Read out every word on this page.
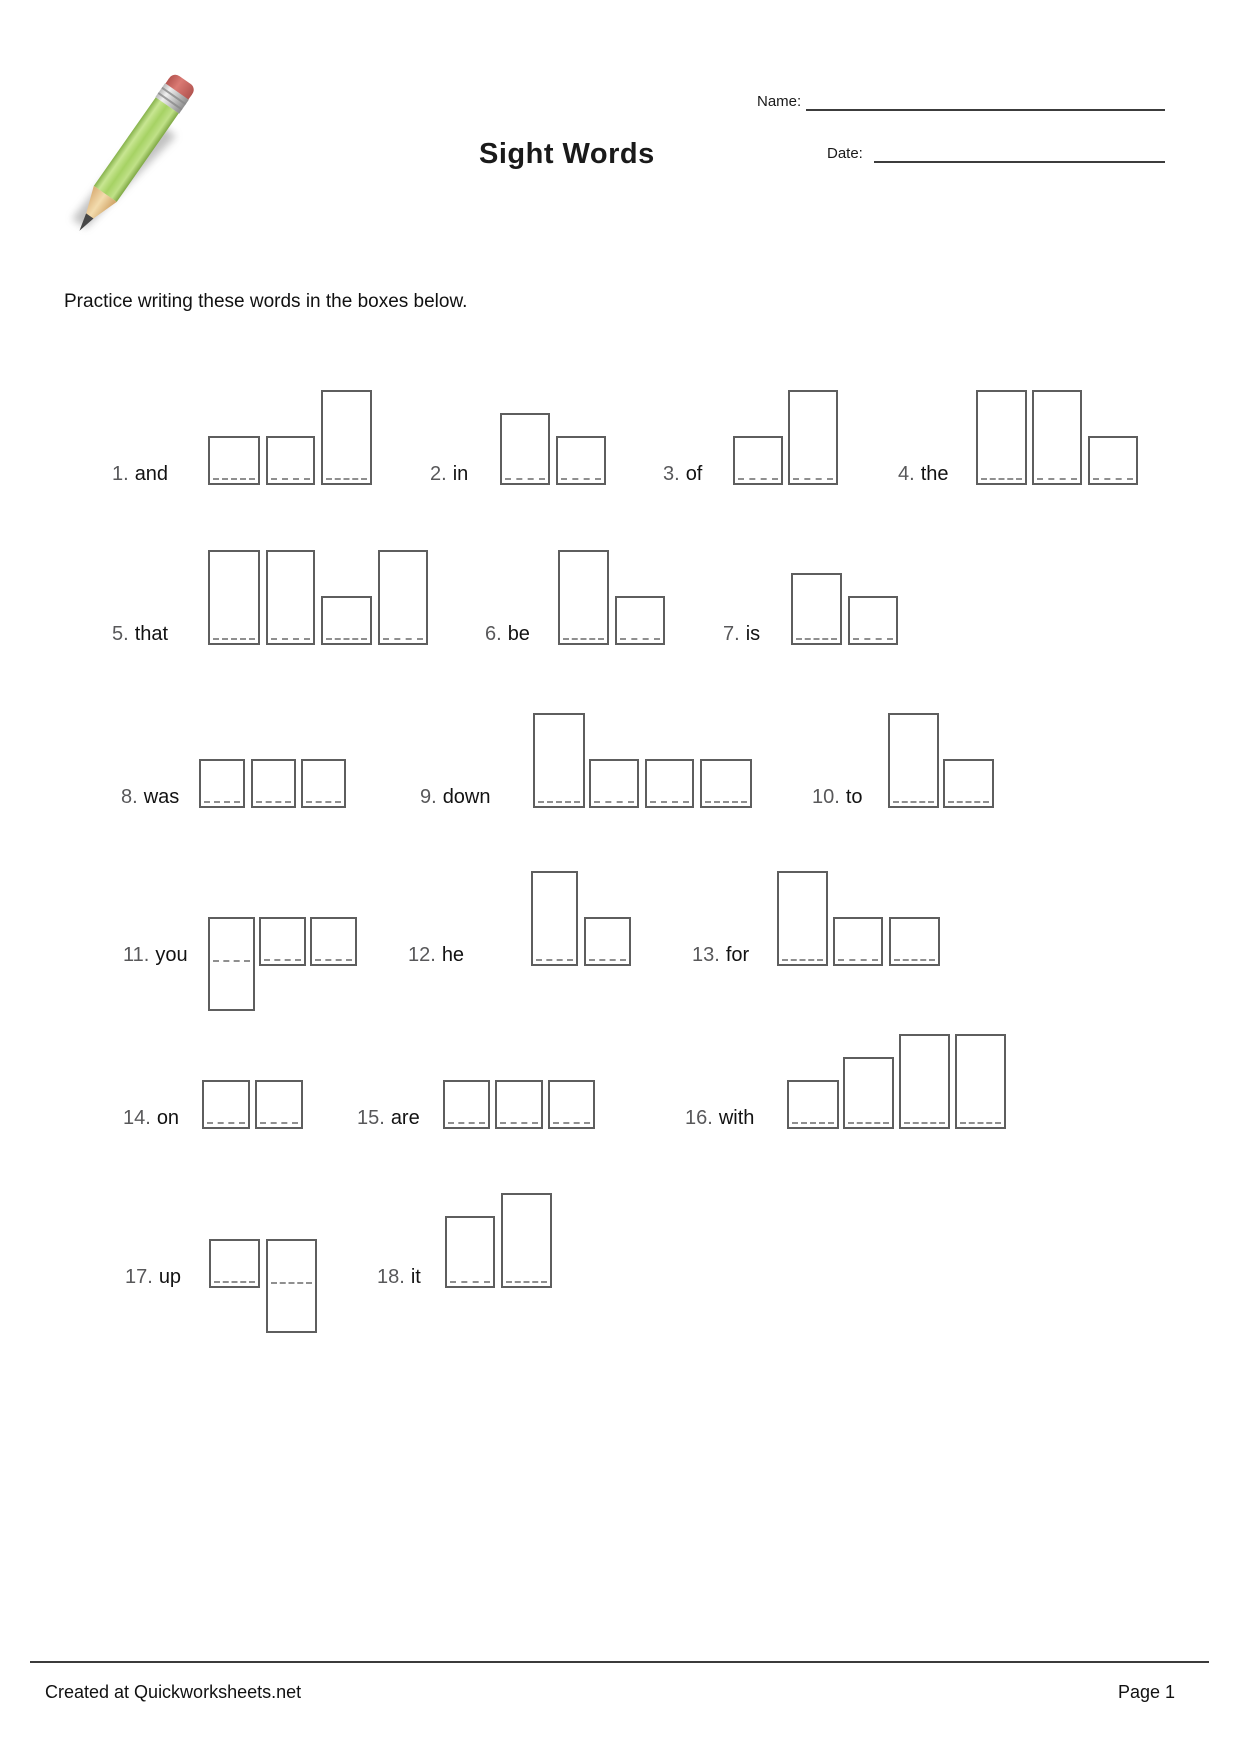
Sight Words
Name:
Date:
Practice writing these words in the boxes below.
1. and	2. in	3. of	4. the
5. that	6. be	7. is
8. was	9. down	10. to
11. you	12. he	13. for
14. on	15. are	16. with
17. up	18. it
Created at Quickworksheets.net	Page 1
